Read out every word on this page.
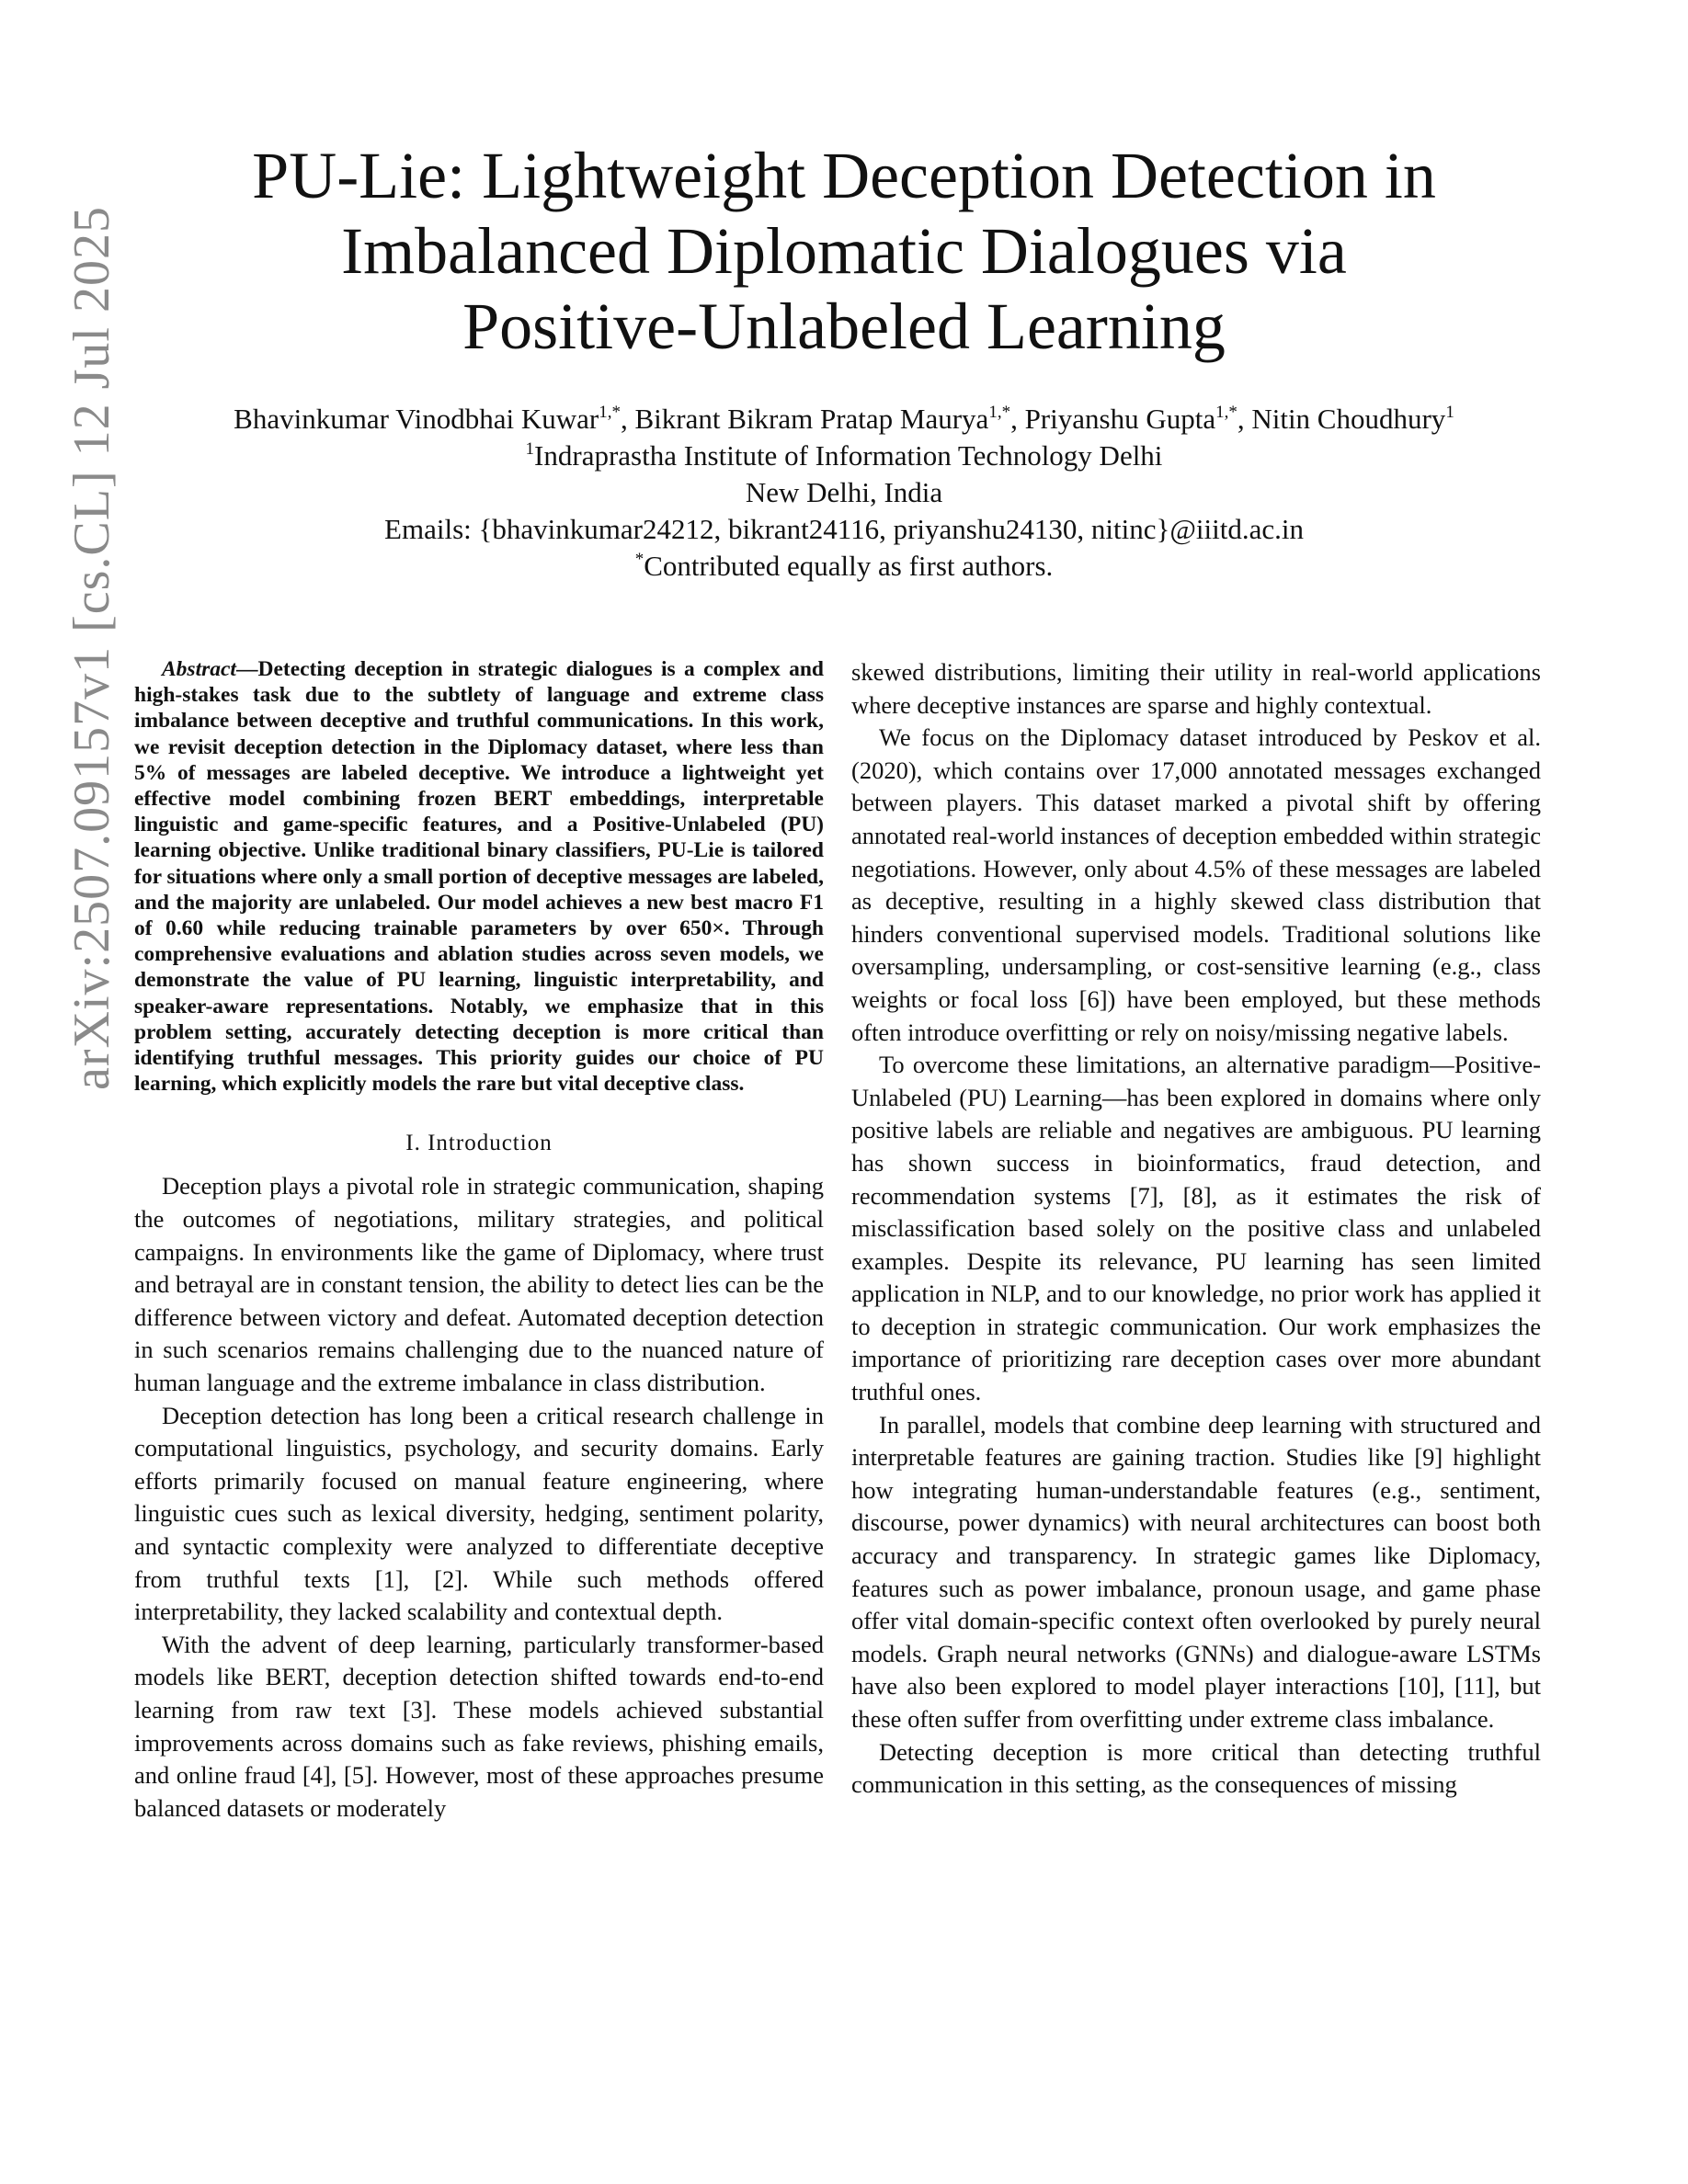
arXiv:2507.09157v1 [cs.CL] 12 Jul 2025
PU-Lie: Lightweight Deception Detection in
Imbalanced Diplomatic Dialogues via
Positive-Unlabeled Learning
Bhavinkumar Vinodbhai Kuwar$^{1,*}$, Bikrant Bikram Pratap Maurya$^{1,*}$, Priyanshu Gupta$^{1,*}$, Nitin Choudhury$^1$
$^1$Indraprastha Institute of Information Technology Delhi
New Delhi, India
Emails: {bhavinkumar24212, bikrant24116, priyanshu24130, nitinc}@iiitd.ac.in
*Contributed equally as first authors.

Abstract—Detecting deception in strategic dialogues is a complex and high-stakes task due to the subtlety of language and extreme class imbalance between deceptive and truthful communications. In this work, we revisit deception detection in the Diplomacy dataset, where less than 5% of messages are labeled deceptive. We introduce a lightweight yet effective model combining frozen BERT embeddings, interpretable linguistic and game-specific features, and a Positive-Unlabeled (PU) learning objective. Unlike traditional binary classifiers, PU-Lie is tailored for situations where only a small portion of deceptive messages are labeled, and the majority are unlabeled. Our model achieves a new best macro F1 of 0.60 while reducing trainable parameters by over 650×. Through comprehensive evaluations and ablation studies across seven models, we demonstrate the value of PU learning, linguistic interpretability, and speaker-aware representations. Notably, we emphasize that in this problem setting, accurately detecting deception is more critical than identifying truthful messages. This priority guides our choice of PU learning, which explicitly models the rare but vital deceptive class.

I. Introduction

Deception plays a pivotal role in strategic communication, shaping the outcomes of negotiations, military strategies, and political campaigns. In environments like the game of Diplomacy, where trust and betrayal are in constant tension, the ability to detect lies can be the difference between victory and defeat. Automated deception detection in such scenarios remains challenging due to the nuanced nature of human language and the extreme imbalance in class distribution.

Deception detection has long been a critical research challenge in computational linguistics, psychology, and security domains. Early efforts primarily focused on manual feature engineering, where linguistic cues such as lexical diversity, hedging, sentiment polarity, and syntactic complexity were analyzed to differentiate deceptive from truthful texts [1], [2]. While such methods offered interpretability, they lacked scalability and contextual depth.

With the advent of deep learning, particularly transformer-based models like BERT, deception detection shifted towards end-to-end learning from raw text [3]. These models achieved substantial improvements across domains such as fake reviews, phishing emails, and online fraud [4], [5]. However, most of these approaches presume balanced datasets or moderately

skewed distributions, limiting their utility in real-world applications where deceptive instances are sparse and highly contextual.

We focus on the Diplomacy dataset introduced by Peskov et al. (2020), which contains over 17,000 annotated messages exchanged between players. This dataset marked a pivotal shift by offering annotated real-world instances of deception embedded within strategic negotiations. However, only about 4.5% of these messages are labeled as deceptive, resulting in a highly skewed class distribution that hinders conventional supervised models. Traditional solutions like oversampling, undersampling, or cost-sensitive learning (e.g., class weights or focal loss [6]) have been employed, but these methods often introduce overfitting or rely on noisy/missing negative labels.

To overcome these limitations, an alternative paradigm—Positive-Unlabeled (PU) Learning—has been explored in domains where only positive labels are reliable and negatives are ambiguous. PU learning has shown success in bioinformatics, fraud detection, and recommendation systems [7], [8], as it estimates the risk of misclassification based solely on the positive class and unlabeled examples. Despite its relevance, PU learning has seen limited application in NLP, and to our knowledge, no prior work has applied it to deception in strategic communication. Our work emphasizes the importance of prioritizing rare deception cases over more abundant truthful ones.

In parallel, models that combine deep learning with structured and interpretable features are gaining traction. Studies like [9] highlight how integrating human-understandable features (e.g., sentiment, discourse, power dynamics) with neural architectures can boost both accuracy and transparency. In strategic games like Diplomacy, features such as power imbalance, pronoun usage, and game phase offer vital domain-specific context often overlooked by purely neural models. Graph neural networks (GNNs) and dialogue-aware LSTMs have also been explored to model player interactions [10], [11], but these often suffer from overfitting under extreme class imbalance.

Detecting deception is more critical than detecting truthful communication in this setting, as the consequences of missing
